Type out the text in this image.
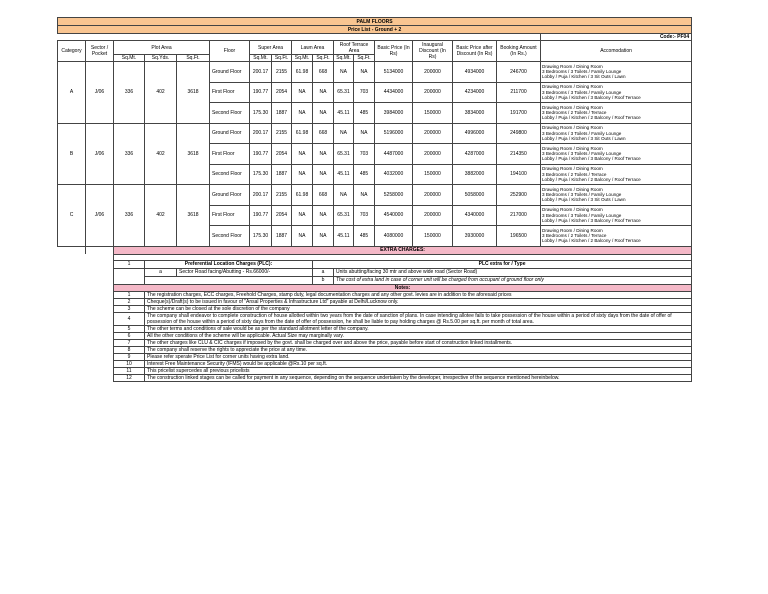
PALM FLOORS																
Price List - Ground + 2																
																Code:- PF04
Category	Sector / Pocket	Plot Area			Floor	Super Area		Lawn Area		Roof Terrace Area		Basic Price (In Rs)	Inaugural Discount (In Rs)	Basic Price after Discount (In Rs)	Booking Amount (In Rs.)	Accomodation
		Sq.Mt.	Sq.Yds.	Sq.Ft.		Sq.Mt.	Sq.Ft.	Sq.Mt.	Sq.Ft.	Sq.Mt.	Sq.Ft.					
A	J/06	336	402	3618	Ground Floor	200.17	2155	61.98	668	NA	NA	5134000	200000	4934000	246700	Drawing Room / Dining Room
3 Bedrooms / 3 Toilets / Family Lounge
Lobby / Puja / Kitchen / 3 Sit Outs / Lawn

					First Floor	190.77	2054	NA	NA	65.31	703	4434000	200000	4234000	211700	Drawing Room / Dining Room
3 Bedrooms / 3 Toilets / Family Lounge
Lobby / Puja / Kitchen / 3 Balcony / Roof Terrace

					Second Floor	175.30	1887	NA	NA	45.11	485	3984000	150000	3834000	191700	Drawing Room / Dining Room
3 Bedrooms / 2 Toilets / Terrace
Lobby / Puja / Kitchen / 2 Balcony / Roof Terrace

B	J/06	336	402	3618	Ground Floor	200.17	2155	61.98	668	NA	NA	5196000	200000	4996000	249800	Drawing Room / Dining Room
3 Bedrooms / 3 Toilets / Family Lounge
Lobby / Puja / Kitchen / 3 Sit Outs / Lawn

					First Floor	190.77	2054	NA	NA	65.31	703	4487000	200000	4287000	214350	Drawing Room / Dining Room
3 Bedrooms / 3 Toilets / Family Lounge
Lobby / Puja / Kitchen / 3 Balcony / Roof Terrace

					Second Floor	175.30	1887	NA	NA	45.11	485	4032000	150000	3882000	194100	Drawing Room / Dining Room
3 Bedrooms / 2 Toilets / Terrace
Lobby / Puja / Kitchen / 2 Balcony / Roof Terrace

C	J/06	336	402	3618	Ground Floor	200.17	2155	61.98	668	NA	NA	5258000	200000	5058000	252900	Drawing Room / Dining Room
3 Bedrooms / 3 Toilets / Family Lounge
Lobby / Puja / Kitchen / 3 Sit Outs / Lawn

					First Floor	190.77	2054	NA	NA	65.31	703	4540000	200000	4340000	217000	Drawing Room / Dining Room
3 Bedrooms / 3 Toilets / Family Lounge
Lobby / Puja / Kitchen / 3 Balcony / Roof Terrace

					Second Floor	175.30	1887	NA	NA	45.11	485	4080000	150000	3930000	196500	Drawing Room / Dining Room
3 Bedrooms / 2 Toilets / Terrace
Lobby / Puja / Kitchen / 2 Balcony / Roof Terrace

		EXTRA CHARGES:														

		1	Preferential Location Charges (PLC):						PLC extra for / Type							
			a	Sector Road facing/Abutting - Rs.66000/-					a	Units abutting/facing 30 mtr and above wide road (Sector Road)						
									b	The cost of extra land in case of corner unit will be charged from occupant of ground floor only						
		Notes:														
		1	The registration charges, ECC charges, Freehold Charges, stamp duty, legal documentation charges and any other govt. levies are in addition to the aforesaid prices													
		2	Cheque(s)/Draft(s) to be issued in favour of "Ansal Properties & Infrastructure Ltd" payable at Delhi/Lucknow only.													
		3	The scheme can be closed at the sole discretion of the company													
		4	The company shall endeavor to complete construction of house allotted within two years from the date of sanction of plans. In case intending allotee fails to take possession of the house within a period of sixty days from the date of offer of possession of the house within a period of sixty days from the date of offer of possession, he shall be liable to pay holding charges @ Rs.5.00 per sq.ft. per month of total area.													
		5	The other terms and conditions of sale would be as per the standard allotment letter of the company.													
		6	All the other conditions of the scheme will be applicable. Actual Size may marginally vary.													
		7	The other charges like CLU & CIC charges if imposed by the govt. shall be charged over and above the price, payable before start of construction linked installments.													
		8	The company shall reserve the rights to appreciate the price at any time.													
		9	Please refer sperate Price List for corner units having extra land.													
		10	Interest Free Maintenance Security (IFMS) would be applicable @Rs.10 per sq.ft.													
		11	This pricelist supercedes all previous pricelists													
		12	The construction linked stages can be called for payment in any sequence, depending on the sequence undertaken by the developer, irrespective of the sequence mentioned hereinbelow.													
